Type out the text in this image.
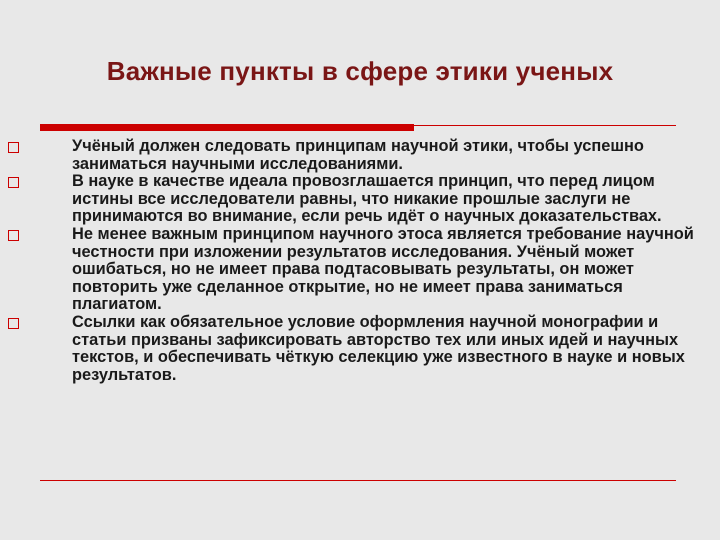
Важные пункты в сфере этики ученых
Учёный должен следовать принципам научной этики, чтобы успешно заниматься научными исследованиями.
В науке в качестве идеала провозглашается принцип, что перед лицом истины все исследователи равны, что никакие прошлые заслуги не принимаются во внимание, если речь идёт о научных доказательствах.
Не менее важным принципом научного этоса является требование научной честности при изложении результатов исследования. Учёный может ошибаться, но не имеет права подтасовывать результаты, он может повторить уже сделанное открытие, но не имеет права заниматься плагиатом.
Ссылки как обязательное условие оформления научной монографии и статьи призваны зафиксировать авторство тех или иных идей и научных текстов, и обеспечивать чёткую селекцию уже известного в науке и новых результатов.
